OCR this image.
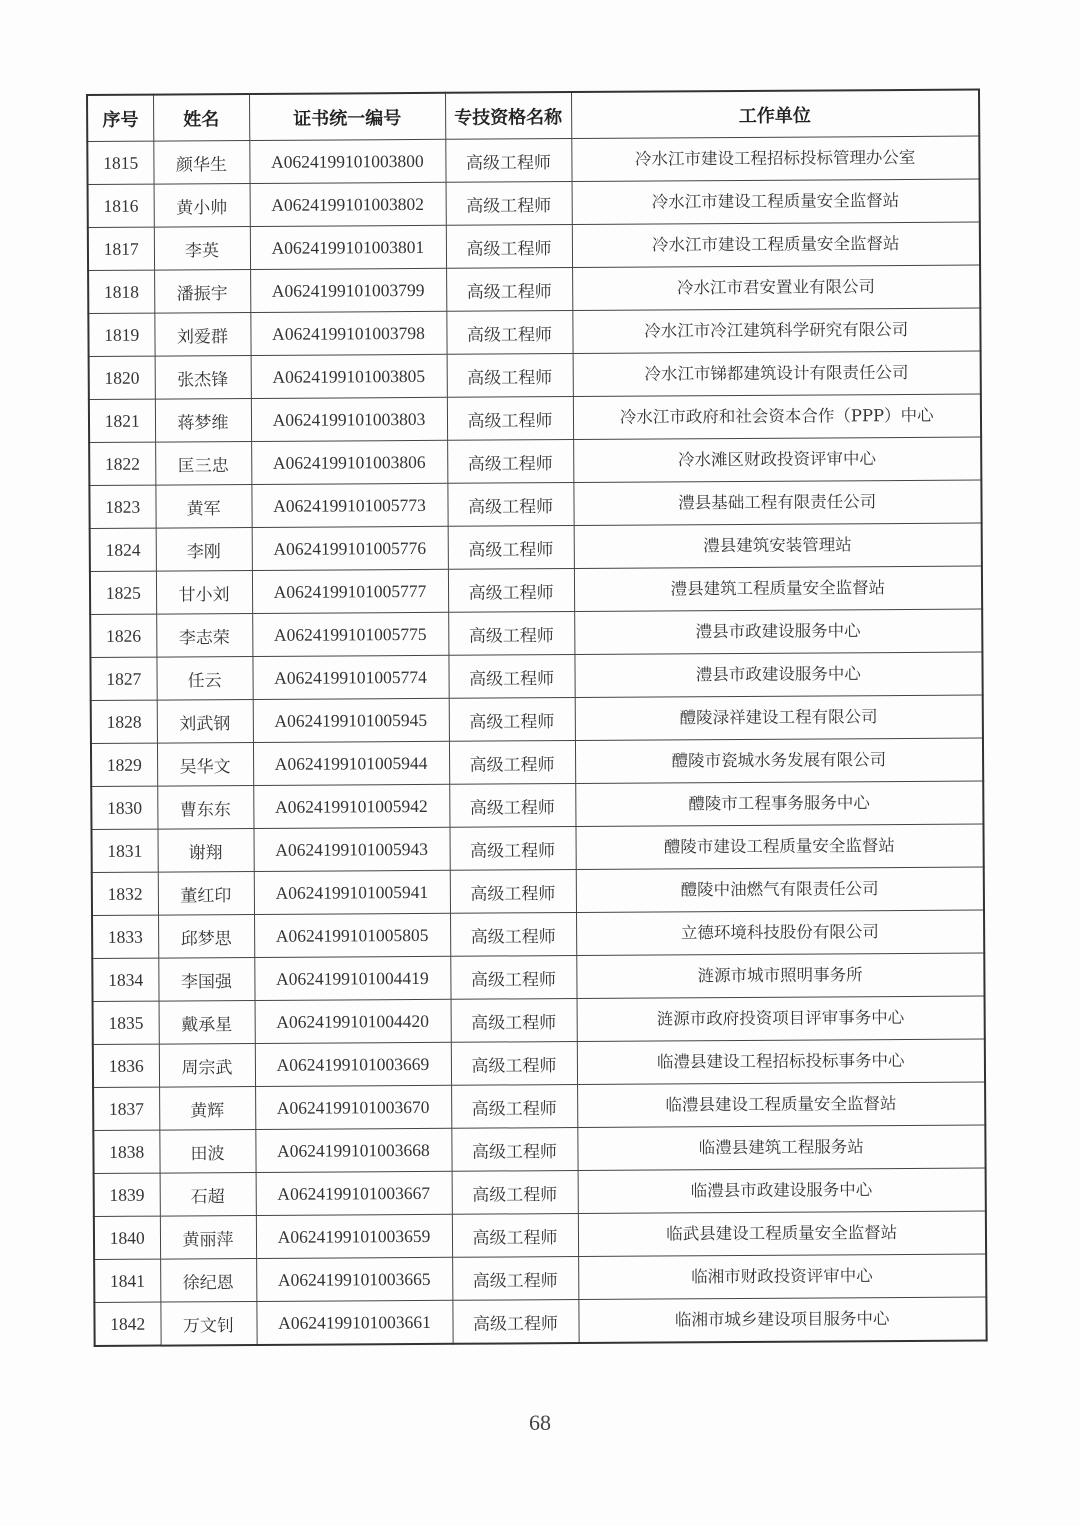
序号	姓名	证书统一编号	专技资格名称	工作单位
1815	颜华生	A0624199101003800	高级工程师	冷水江市建设工程招标投标管理办公室
1816	黄小帅	A0624199101003802	高级工程师	冷水江市建设工程质量安全监督站
1817	李英	A0624199101003801	高级工程师	冷水江市建设工程质量安全监督站
1818	潘振宇	A0624199101003799	高级工程师	冷水江市君安置业有限公司
1819	刘爱群	A0624199101003798	高级工程师	冷水江市冷江建筑科学研究有限公司
1820	张杰锋	A0624199101003805	高级工程师	冷水江市锑都建筑设计有限责任公司
1821	蒋梦维	A0624199101003803	高级工程师	冷水江市政府和社会资本合作（PPP）中心
1822	匡三忠	A0624199101003806	高级工程师	冷水滩区财政投资评审中心
1823	黄军	A0624199101005773	高级工程师	澧县基础工程有限责任公司
1824	李刚	A0624199101005776	高级工程师	澧县建筑安装管理站
1825	甘小刘	A0624199101005777	高级工程师	澧县建筑工程质量安全监督站
1826	李志荣	A0624199101005775	高级工程师	澧县市政建设服务中心
1827	任云	A0624199101005774	高级工程师	澧县市政建设服务中心
1828	刘武钢	A0624199101005945	高级工程师	醴陵渌祥建设工程有限公司
1829	吴华文	A0624199101005944	高级工程师	醴陵市瓷城水务发展有限公司
1830	曹东东	A0624199101005942	高级工程师	醴陵市工程事务服务中心
1831	谢翔	A0624199101005943	高级工程师	醴陵市建设工程质量安全监督站
1832	董红印	A0624199101005941	高级工程师	醴陵中油燃气有限责任公司
1833	邱梦思	A0624199101005805	高级工程师	立德环境科技股份有限公司
1834	李国强	A0624199101004419	高级工程师	涟源市城市照明事务所
1835	戴承星	A0624199101004420	高级工程师	涟源市政府投资项目评审事务中心
1836	周宗武	A0624199101003669	高级工程师	临澧县建设工程招标投标事务中心
1837	黄辉	A0624199101003670	高级工程师	临澧县建设工程质量安全监督站
1838	田波	A0624199101003668	高级工程师	临澧县建筑工程服务站
1839	石超	A0624199101003667	高级工程师	临澧县市政建设服务中心
1840	黄丽萍	A0624199101003659	高级工程师	临武县建设工程质量安全监督站
1841	徐纪恩	A0624199101003665	高级工程师	临湘市财政投资评审中心
1842	万文钊	A0624199101003661	高级工程师	临湘市城乡建设项目服务中心
68
